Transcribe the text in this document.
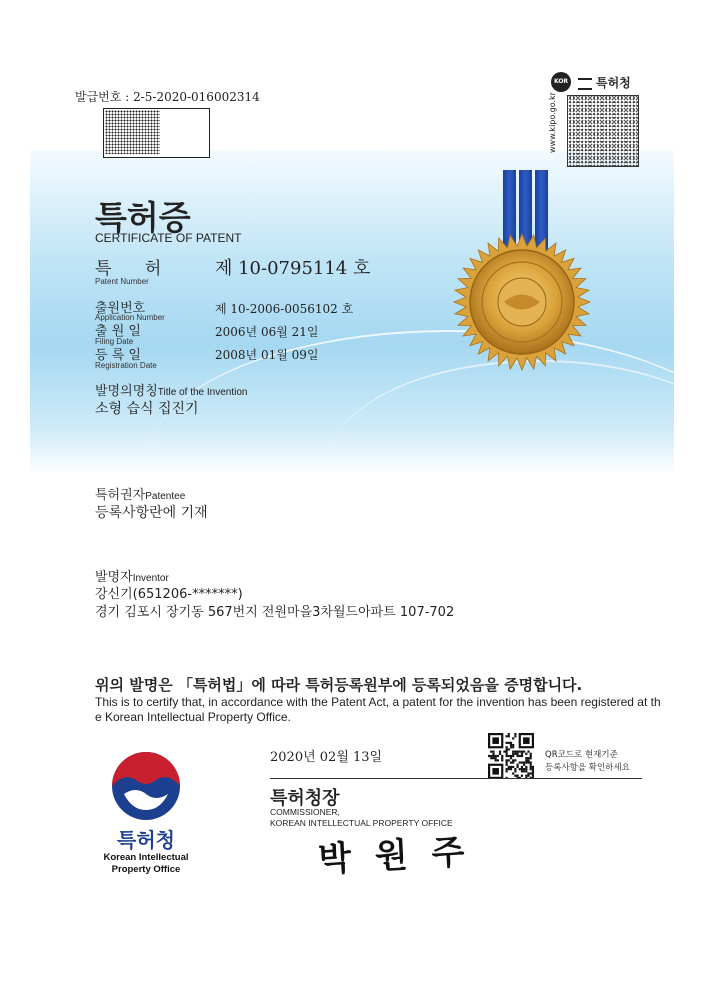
발급번호 : 2-5-2020-016002314
KOR
www.kipo.go.kr
특허청
특허증
CERTIFICATE OF PATENT
특 허
Patent Number
제 10-0795114 호
출원번호
Application Number
제 10-2006-0056102 호
출 원 일
Filing Date
2006년 06월 21일
등 록 일
Registration Date
2008년 01월 09일
발명의명칭Title of the Invention
소형 습식 집진기
특허권자Patentee
등록사항란에 기재
발명자Inventor
강신기(651206-*******)
경기 김포시 장기동 567번지 전원마을3차월드아파트 107-702
위의 발명은 「특허법」에 따라 특허등록원부에 등록되었음을 증명합니다.
This is to certify that, in accordance with the Patent Act, a patent for the invention has been registered at th
e Korean Intellectual Property Office.
2020년 02월 13일	QR코드로 현재기준
등록사항을 확인하세요
특허청장
COMMISSIONER,
KOREAN INTELLECTUAL PROPERTY OFFICE
박 원 주
특허청
Korean Intellectual
Property Office
